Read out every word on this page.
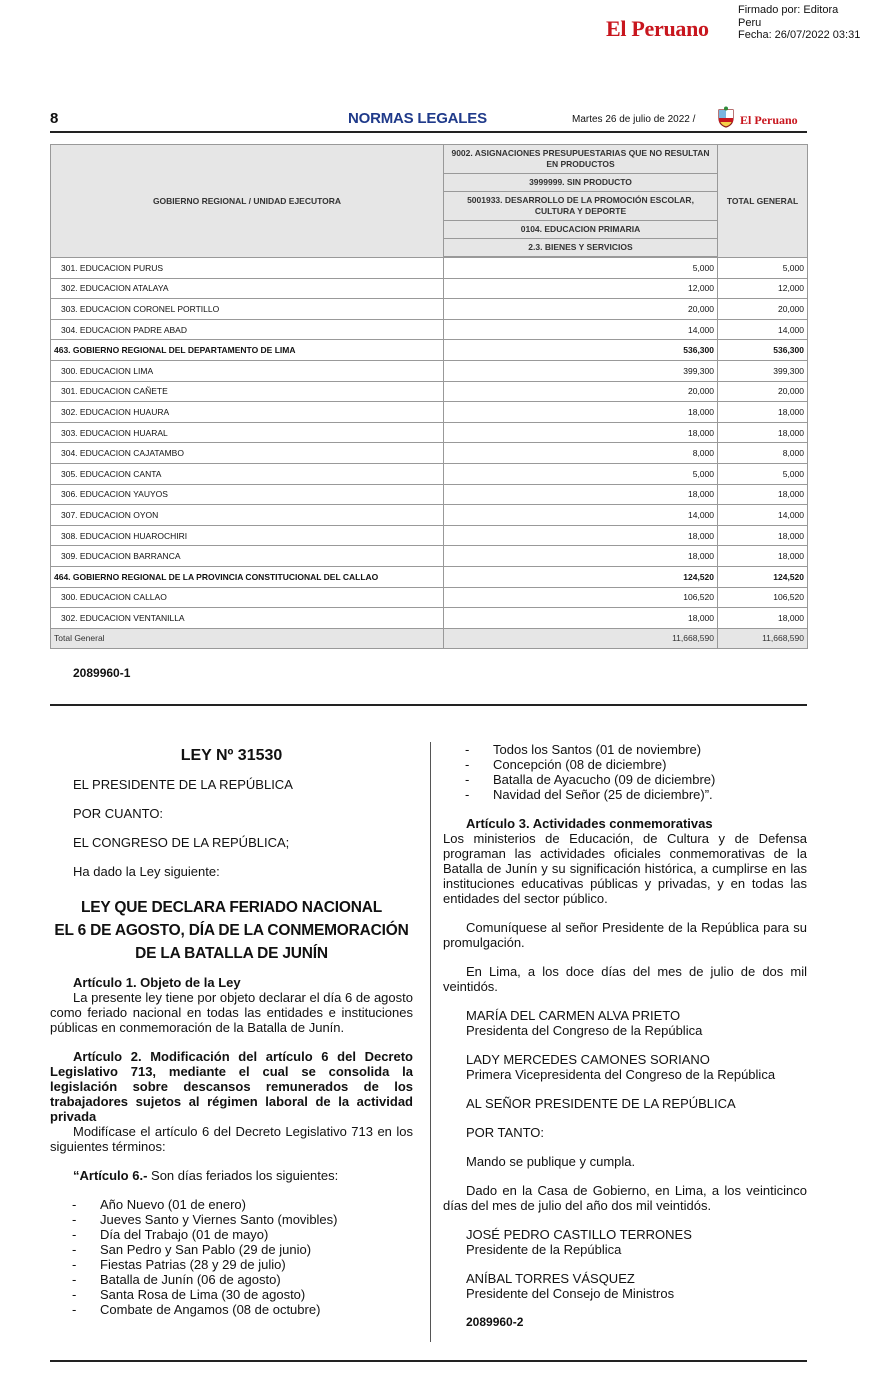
El Peruano
Firmado por: Editora
Peru
Fecha: 26/07/2022 03:31
8	NORMAS LEGALES	Martes 26 de julio de 2022 /	El Peruano
GOBIERNO REGIONAL / UNIDAD EJECUTORA	9002. ASIGNACIONES PRESUPUESTARIAS QUE NO RESULTAN EN PRODUCTOS	TOTAL GENERAL
	3999999. SIN PRODUCTO	
	5001933. DESARROLLO DE LA PROMOCIÓN ESCOLAR, CULTURA Y DEPORTE	
	0104. EDUCACION PRIMARIA	
	2.3. BIENES Y SERVICIOS	

301. EDUCACION PURUS	5,000	5,000
302. EDUCACION ATALAYA	12,000	12,000
303. EDUCACION CORONEL PORTILLO	20,000	20,000
304. EDUCACION PADRE ABAD	14,000	14,000
463. GOBIERNO REGIONAL DEL DEPARTAMENTO DE LIMA	536,300	536,300
300. EDUCACION LIMA	399,300	399,300
301. EDUCACION CAÑETE	20,000	20,000
302. EDUCACION HUAURA	18,000	18,000
303. EDUCACION HUARAL	18,000	18,000
304. EDUCACION CAJATAMBO	8,000	8,000
305. EDUCACION CANTA	5,000	5,000
306. EDUCACION YAUYOS	18,000	18,000
307. EDUCACION OYON	14,000	14,000
308. EDUCACION HUAROCHIRI	18,000	18,000
309. EDUCACION BARRANCA	18,000	18,000
464. GOBIERNO REGIONAL DE LA PROVINCIA CONSTITUCIONAL DEL CALLAO	124,520	124,520
300. EDUCACION CALLAO	106,520	106,520
302. EDUCACION VENTANILLA	18,000	18,000
Total General	11,668,590	11,668,590
2089960-1

LEY Nº 31530

EL PRESIDENTE DE LA REPÚBLICA

POR CUANTO:

EL CONGRESO DE LA REPÚBLICA;

Ha dado la Ley siguiente:

LEY QUE DECLARA FERIADO NACIONAL

EL 6 DE AGOSTO, DÍA DE LA CONMEMORACIÓN

DE LA BATALLA DE JUNÍN

Artículo 1. Objeto de la Ley

La presente ley tiene por objeto declarar el día 6 de agosto como feriado nacional en todas las entidades e instituciones públicas en conmemoración de la Batalla de Junín.

Artículo 2. Modificación del artículo 6 del Decreto Legislativo 713, mediante el cual se consolida la legislación sobre descansos remunerados de los trabajadores sujetos al régimen laboral de la actividad privada

Modifícase el artículo 6 del Decreto Legislativo 713 en los siguientes términos:

“Artículo 6.- Son días feriados los siguientes:

- Año Nuevo (01 de enero)
- Jueves Santo y Viernes Santo (movibles)
- Día del Trabajo (01 de mayo)
- San Pedro y San Pablo (29 de junio)
- Fiestas Patrias (28 y 29 de julio)
- Batalla de Junín (06 de agosto)
- Santa Rosa de Lima (30 de agosto)
- Combate de Angamos (08 de octubre)
- Todos los Santos (01 de noviembre)
- Concepción (08 de diciembre)
- Batalla de Ayacucho (09 de diciembre)
- Navidad del Señor (25 de diciembre)”.

Artículo 3. Actividades conmemorativas

Los ministerios de Educación, de Cultura y de Defensa programan las actividades oficiales conmemorativas de la Batalla de Junín y su significación histórica, a cumplirse en las instituciones educativas públicas y privadas, y en todas las entidades del sector público.

Comuníquese al señor Presidente de la República para su promulgación.

En Lima, a los doce días del mes de julio de dos mil veintidós.

MARÍA DEL CARMEN ALVA PRIETO

Presidenta del Congreso de la República

LADY MERCEDES CAMONES SORIANO

Primera Vicepresidenta del Congreso de la República

AL SEÑOR PRESIDENTE DE LA REPÚBLICA

POR TANTO:

Mando se publique y cumpla.

Dado en la Casa de Gobierno, en Lima, a los veinticinco días del mes de julio del año dos mil veintidós.

JOSÉ PEDRO CASTILLO TERRONES

Presidente de la República

ANÍBAL TORRES VÁSQUEZ

Presidente del Consejo de Ministros

2089960-2
